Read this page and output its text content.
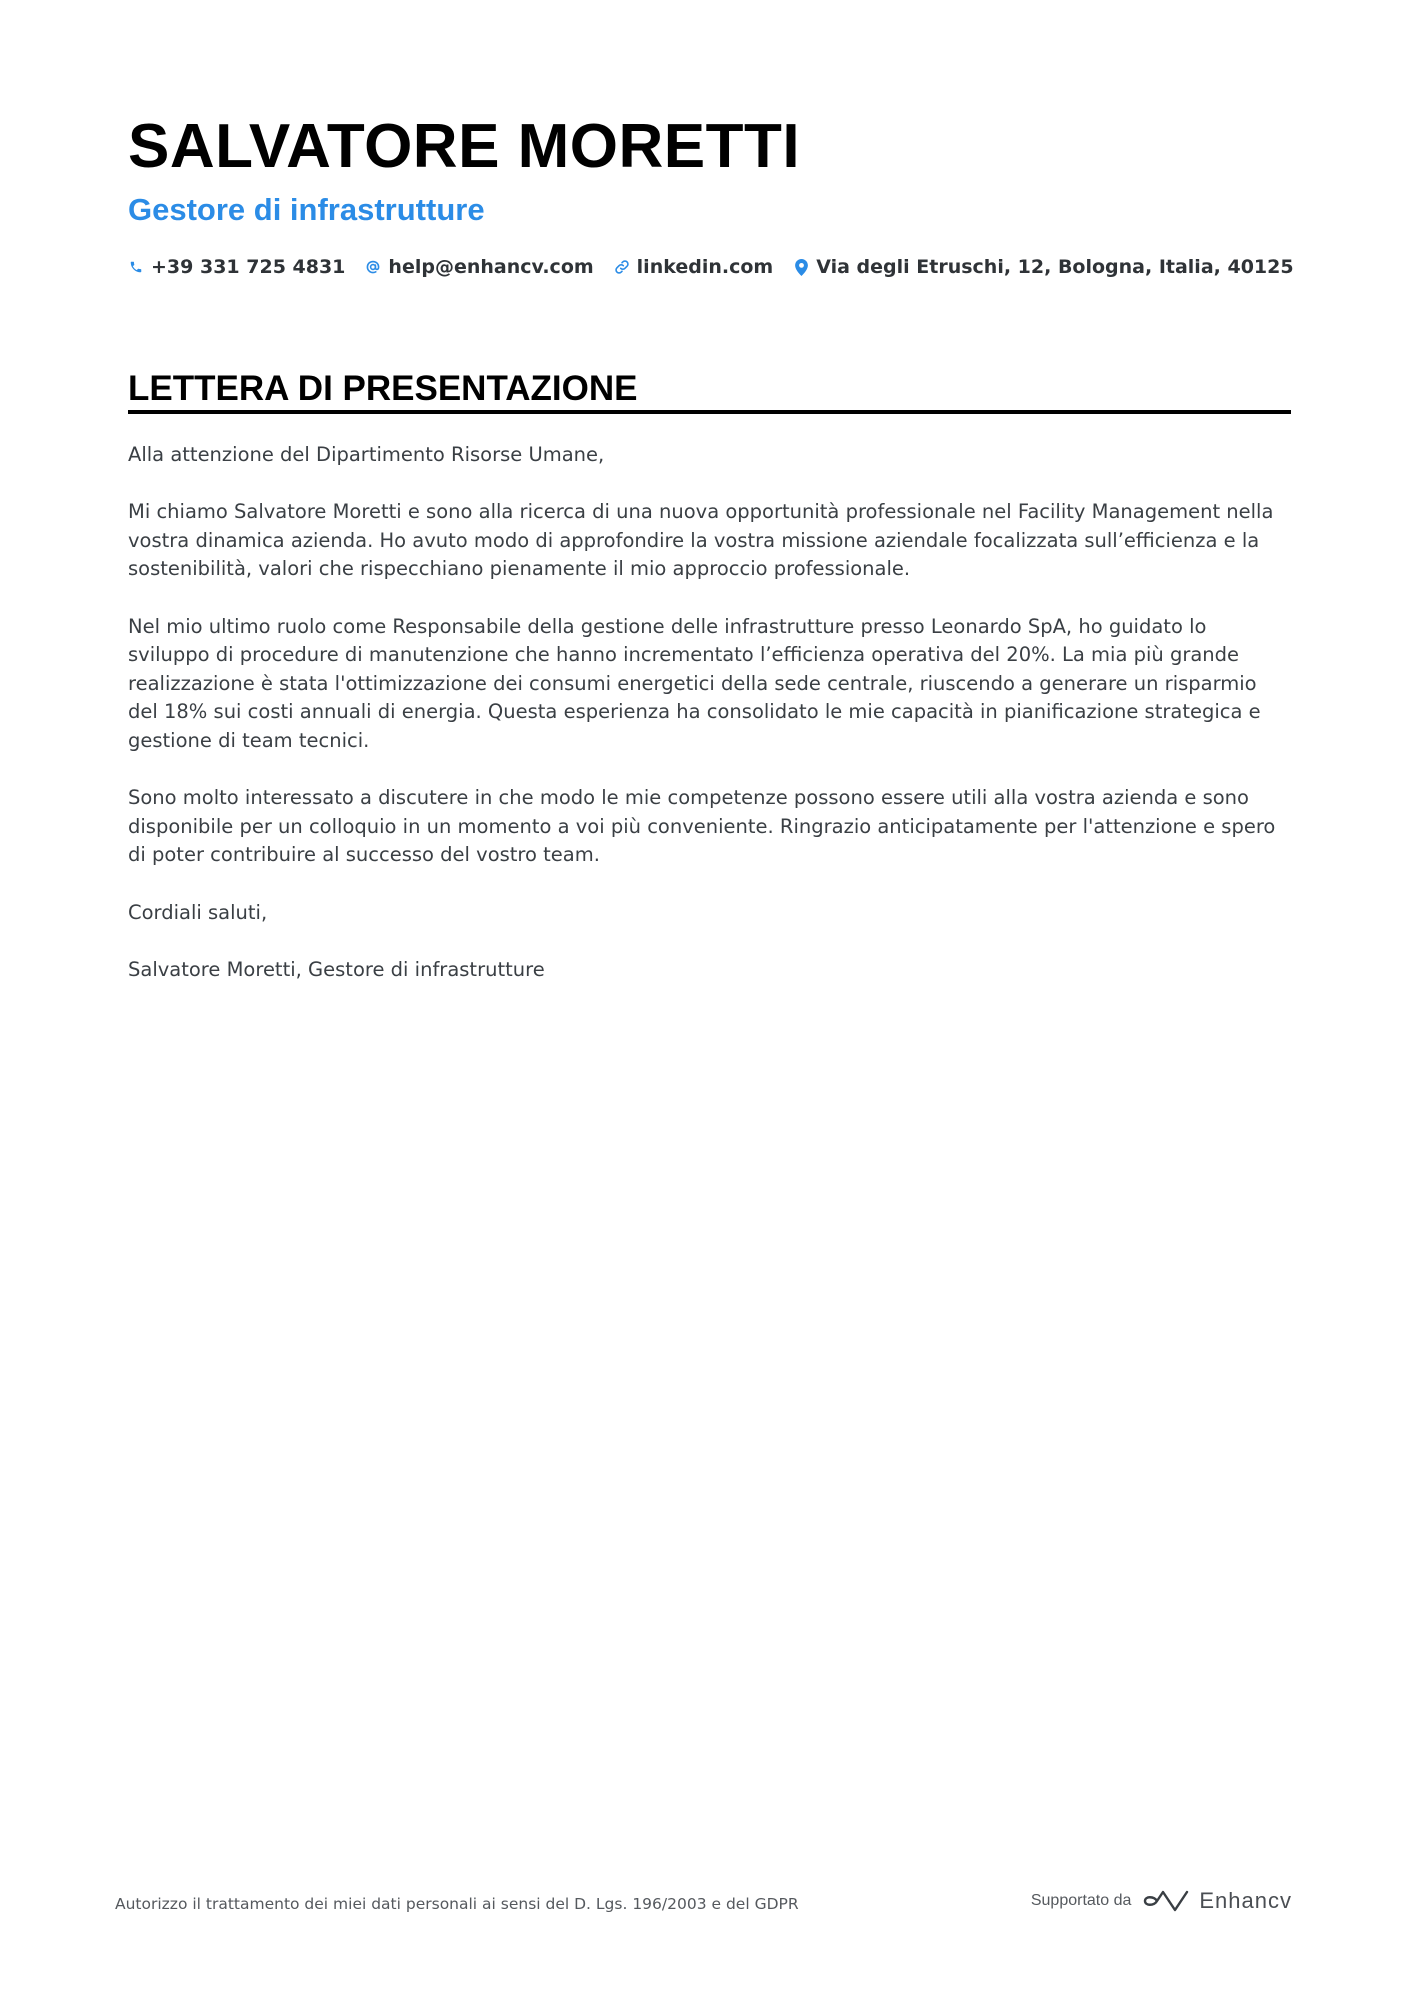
SALVATORE MORETTI
Gestore di infrastrutture
+39 331 725 4831 help@enhancv.com linkedin.com Via degli Etruschi, 12, Bologna, Italia, 40125
LETTERA DI PRESENTAZIONE

Alla attenzione del Dipartimento Risorse Umane,

Mi chiamo Salvatore Moretti e sono alla ricerca di una nuova opportunità professionale nel Facility Management nella vostra dinamica azienda. Ho avuto modo di approfondire la vostra missione aziendale focalizzata sull’efficienza e la sostenibilità, valori che rispecchiano pienamente il mio approccio professionale.

Nel mio ultimo ruolo come Responsabile della gestione delle infrastrutture presso Leonardo SpA, ho guidato lo sviluppo di procedure di manutenzione che hanno incrementato l’efficienza operativa del 20%. La mia più grande realizzazione è stata l'ottimizzazione dei consumi energetici della sede centrale, riuscendo a generare un risparmio del 18% sui costi annuali di energia. Questa esperienza ha consolidato le mie capacità in pianificazione strategica e gestione di team tecnici.

Sono molto interessato a discutere in che modo le mie competenze possono essere utili alla vostra azienda e sono disponibile per un colloquio in un momento a voi più conveniente. Ringrazio anticipatamente per l'attenzione e spero di poter contribuire al successo del vostro team.

Cordiali saluti,

Salvatore Moretti, Gestore di infrastrutture

Autorizzo il trattamento dei miei dati personali ai sensi del D. Lgs. 196/2003 e del GDPR	Supportato da	Enhancv
